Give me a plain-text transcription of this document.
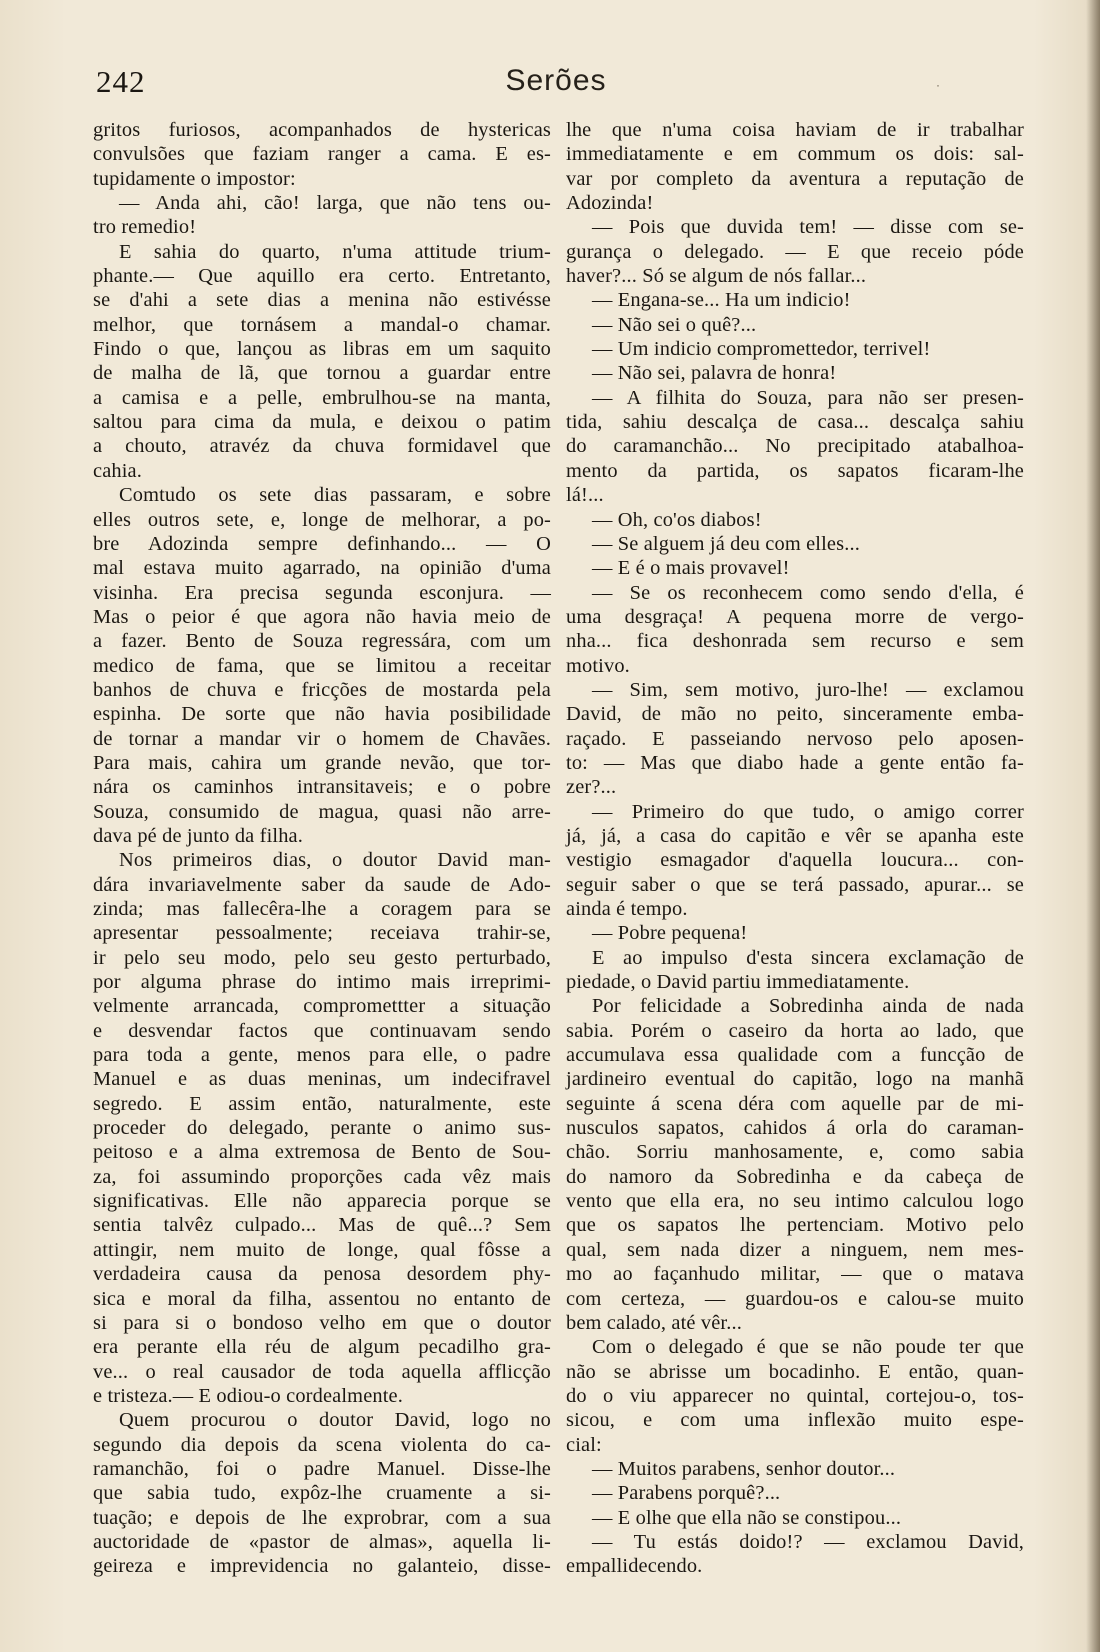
242	Serões	·
gritos furiosos, acompanhados de hystericas
convulsões que faziam ranger a cama. E es-
tupidamente o impostor:
— Anda ahi, cão! larga, que não tens ou-
tro remedio!
E sahia do quarto, n'uma attitude trium-
phante.— Que aquillo era certo. Entretanto,
se d'ahi a sete dias a menina não estivésse
melhor, que tornásem a mandal-o chamar.
Findo o que, lançou as libras em um saquito
de malha de lã, que tornou a guardar entre
a camisa e a pelle, embrulhou-se na manta,
saltou para cima da mula, e deixou o patim
a chouto, atravéz da chuva formidavel que
cahia.
Comtudo os sete dias passaram, e sobre
elles outros sete, e, longe de melhorar, a po-
bre Adozinda sempre definhando... — O
mal estava muito agarrado, na opinião d'uma
visinha. Era precisa segunda esconjura. —
Mas o peior é que agora não havia meio de
a fazer. Bento de Souza regressára, com um
medico de fama, que se limitou a receitar
banhos de chuva e fricções de mostarda pela
espinha. De sorte que não havia posibilidade
de tornar a mandar vir o homem de Chavães.
Para mais, cahira um grande nevão, que tor-
nára os caminhos intransitaveis; e o pobre
Souza, consumido de magua, quasi não arre-
dava pé de junto da filha.
Nos primeiros dias, o doutor David man-
dára invariavelmente saber da saude de Ado-
zinda; mas fallecêra-lhe a coragem para se
apresentar pessoalmente; receiava trahir-se,
ir pelo seu modo, pelo seu gesto perturbado,
por alguma phrase do intimo mais irreprimi-
velmente arrancada, compromettter a situação
e desvendar factos que continuavam sendo
para toda a gente, menos para elle, o padre
Manuel e as duas meninas, um indecifravel
segredo. E assim então, naturalmente, este
proceder do delegado, perante o animo sus-
peitoso e a alma extremosa de Bento de Sou-
za, foi assumindo proporções cada vêz mais
significativas. Elle não apparecia porque se
sentia talvêz culpado... Mas de quê...? Sem
attingir, nem muito de longe, qual fôsse a
verdadeira causa da penosa desordem phy-
sica e moral da filha, assentou no entanto de
si para si o bondoso velho em que o doutor
era perante ella réu de algum pecadilho gra-
ve... o real causador de toda aquella afflicção
e tristeza.— E odiou-o cordealmente.
Quem procurou o doutor David, logo no
segundo dia depois da scena violenta do ca-
ramanchão, foi o padre Manuel. Disse-lhe
que sabia tudo, expôz-lhe cruamente a si-
tuação; e depois de lhe exprobrar, com a sua
auctoridade de «pastor de almas», aquella li-
geireza e imprevidencia no galanteio, disse-
lhe que n'uma coisa haviam de ir trabalhar
immediatamente e em commum os dois: sal-
var por completo da aventura a reputação de
Adozinda!
— Pois que duvida tem! — disse com se-
gurança o delegado. — E que receio póde
haver?... Só se algum de nós fallar...
— Engana-se... Ha um indicio!
— Não sei o quê?...
— Um indicio compromettedor, terrivel!
— Não sei, palavra de honra!
— A filhita do Souza, para não ser presen-
tida, sahiu descalça de casa... descalça sahiu
do caramanchão... No precipitado atabalhoa-
mento da partida, os sapatos ficaram-lhe
lá!...
— Oh, co'os diabos!
— Se alguem já deu com elles...
— E é o mais provavel!
— Se os reconhecem como sendo d'ella, é
uma desgraça! A pequena morre de vergo-
nha... fica deshonrada sem recurso e sem
motivo.
— Sim, sem motivo, juro-lhe! — exclamou
David, de mão no peito, sinceramente emba-
raçado. E passeiando nervoso pelo aposen-
to: — Mas que diabo hade a gente então fa-
zer?...
— Primeiro do que tudo, o amigo correr
já, já, a casa do capitão e vêr se apanha este
vestigio esmagador d'aquella loucura... con-
seguir saber o que se terá passado, apurar... se
ainda é tempo.
— Pobre pequena!
E ao impulso d'esta sincera exclamação de
piedade, o David partiu immediatamente.
Por felicidade a Sobredinha ainda de nada
sabia. Porém o caseiro da horta ao lado, que
accumulava essa qualidade com a funcção de
jardineiro eventual do capitão, logo na manhã
seguinte á scena déra com aquelle par de mi-
nusculos sapatos, cahidos á orla do caraman-
chão. Sorriu manhosamente, e, como sabia
do namoro da Sobredinha e da cabeça de
vento que ella era, no seu intimo calculou logo
que os sapatos lhe pertenciam. Motivo pelo
qual, sem nada dizer a ninguem, nem mes-
mo ao façanhudo militar, — que o matava
com certeza, — guardou-os e calou-se muito
bem calado, até vêr...
Com o delegado é que se não poude ter que
não se abrisse um bocadinho. E então, quan-
do o viu apparecer no quintal, cortejou-o, tos-
sicou, e com uma inflexão muito espe-
cial:
— Muitos parabens, senhor doutor...
— Parabens porquê?...
— E olhe que ella não se constipou...
— Tu estás doido!? — exclamou David,
empallidecendo.
